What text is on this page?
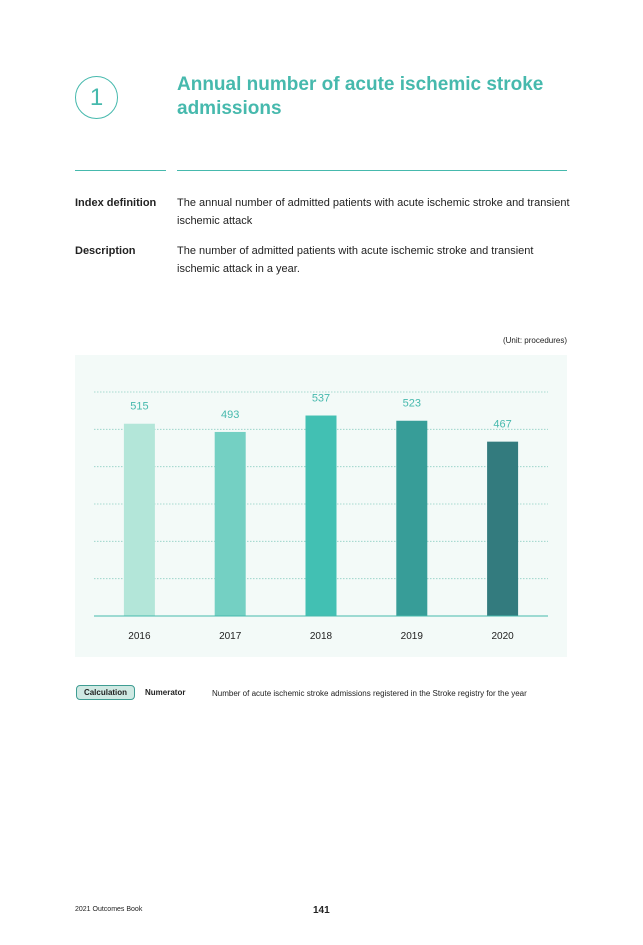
1	Annual number of acute ischemic stroke admissions
Index definition The annual number of admitted patients with acute ischemic stroke and transient ischemic attack
Description	The number of admitted patients with acute ischemic stroke and transient ischemic attack in a year.
(Unit: procedures)
515
2016
493
2017
537
2018
523
2019
467
2020
Calculation	Numerator	Number of acute ischemic stroke admissions registered in the Stroke registry for the year
2021 Outcomes Book	141
